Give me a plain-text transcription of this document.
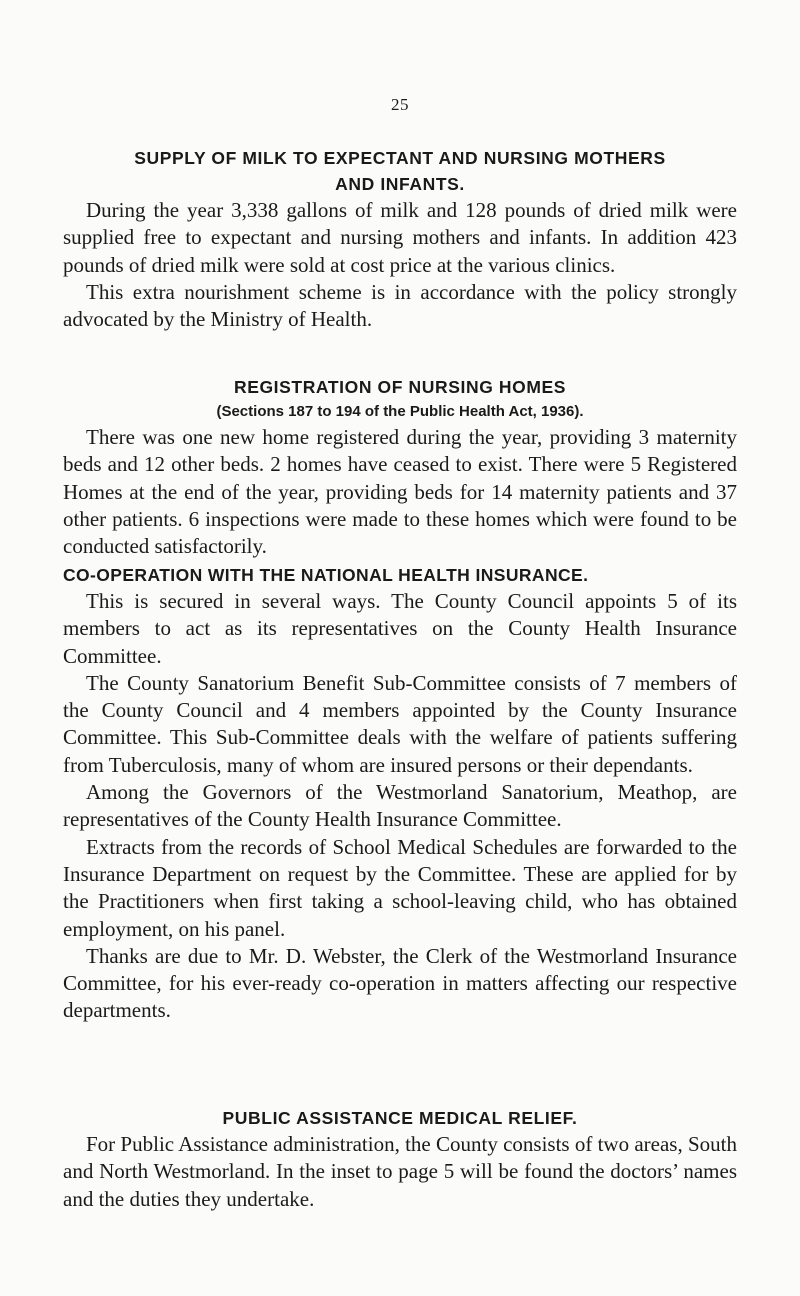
25

SUPPLY OF MILK TO EXPECTANT AND NURSING MOTHERS

AND INFANTS.

During the year 3,338 gallons of milk and 128 pounds of dried milk were supplied free to expectant and nursing mothers and infants. In addition 423 pounds of dried milk were sold at cost price at the various clinics.

This extra nourishment scheme is in accordance with the policy strongly advocated by the Ministry of Health.

REGISTRATION OF NURSING HOMES

(Sections 187 to 194 of the Public Health Act, 1936).

There was one new home registered during the year, providing 3 maternity beds and 12 other beds. 2 homes have ceased to exist. There were 5 Registered Homes at the end of the year, providing beds for 14 maternity patients and 37 other patients. 6 inspections were made to these homes which were found to be conducted satisfactorily.

CO-OPERATION WITH THE NATIONAL HEALTH INSURANCE.

This is secured in several ways. The County Council appoints 5 of its members to act as its representatives on the County Health Insurance Committee.

The County Sanatorium Benefit Sub-Committee consists of 7 members of the County Council and 4 members appointed by the County Insurance Committee. This Sub-Committee deals with the welfare of patients suffering from Tuberculosis, many of whom are insured persons or their dependants.

Among the Governors of the Westmorland Sanatorium, Meathop, are representatives of the County Health Insurance Committee.

Extracts from the records of School Medical Schedules are forwarded to the Insurance Department on request by the Committee. These are applied for by the Practitioners when first taking a school-leaving child, who has obtained employment, on his panel.

Thanks are due to Mr. D. Webster, the Clerk of the Westmorland Insurance Committee, for his ever-ready co-operation in matters affecting our respective departments.

PUBLIC ASSISTANCE MEDICAL RELIEF.

For Public Assistance administration, the County consists of two areas, South and North Westmorland. In the inset to page 5 will be found the doctors’ names and the duties they undertake.
